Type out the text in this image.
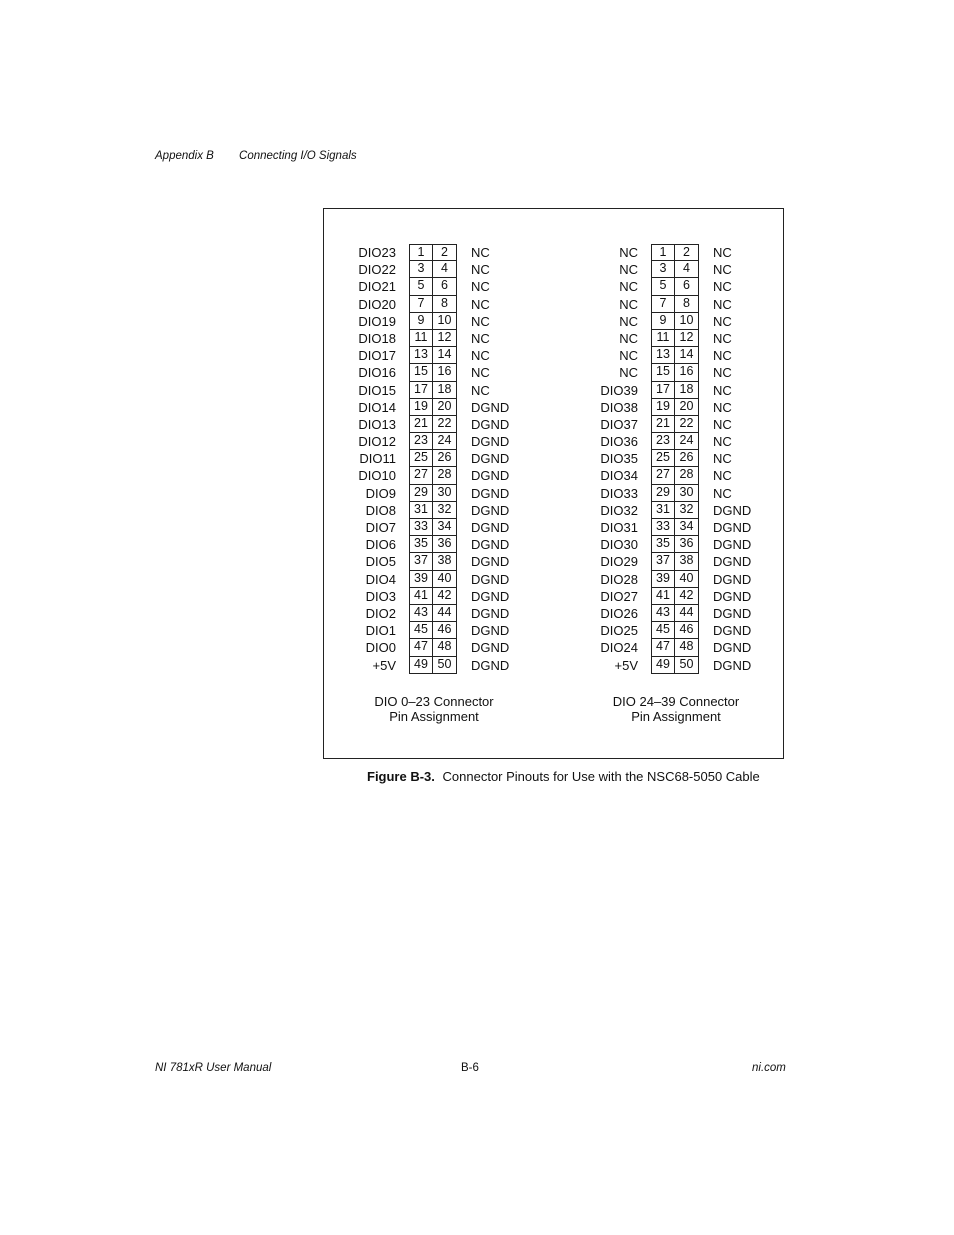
Appendix B Connecting I/O Signals
DIO23	1	2	NC
DIO22	3	4	NC
DIO21	5	6	NC
DIO20	7	8	NC
DIO19	9	10	NC
DIO18	11 12	NC
DIO17	13 14	NC
DIO16	15 16	NC
DIO15	17 18	NC
DIO14	19 20	DGND
DIO13	21 22	DGND
DIO12	23 24	DGND
DIO11	25 26	DGND
DIO10	27 28	DGND
DIO9	29 30	DGND
DIO8	31 32	DGND
DIO7	33 34	DGND
DIO6	35 36	DGND
DIO5	37 38	DGND
DIO4	39 40	DGND
DIO3	41 42	DGND
DIO2	43 44	DGND
DIO1	45 46	DGND
DIO0	47 48	DGND
+5V	49 50	DGND
NC	1	2	NC
NC	3	4	NC
NC	5	6	NC
NC	7	8	NC
NC	9	10	NC
NC	11 12	NC
NC	13 14	NC
NC	15 16	NC
DIO39	17 18	NC
DIO38	19 20	NC
DIO37	21 22	NC
DIO36	23 24	NC
DIO35	25 26	NC
DIO34	27 28	NC
DIO33	29 30	NC
DIO32	31 32	DGND
DIO31	33 34	DGND
DIO30	35 36	DGND
DIO29	37 38	DGND
DIO28	39 40	DGND
DIO27	41 42	DGND
DIO26	43 44	DGND
DIO25	45 46	DGND
DIO24	47 48	DGND
+5V	49 50	DGND
DIO 0–23 Connector
Pin Assignment
DIO 24–39 Connector
Pin Assignment
Figure B-3. Connector Pinouts for Use with the NSC68-5050 Cable
NI 781xR User Manual	B-6	ni.com
